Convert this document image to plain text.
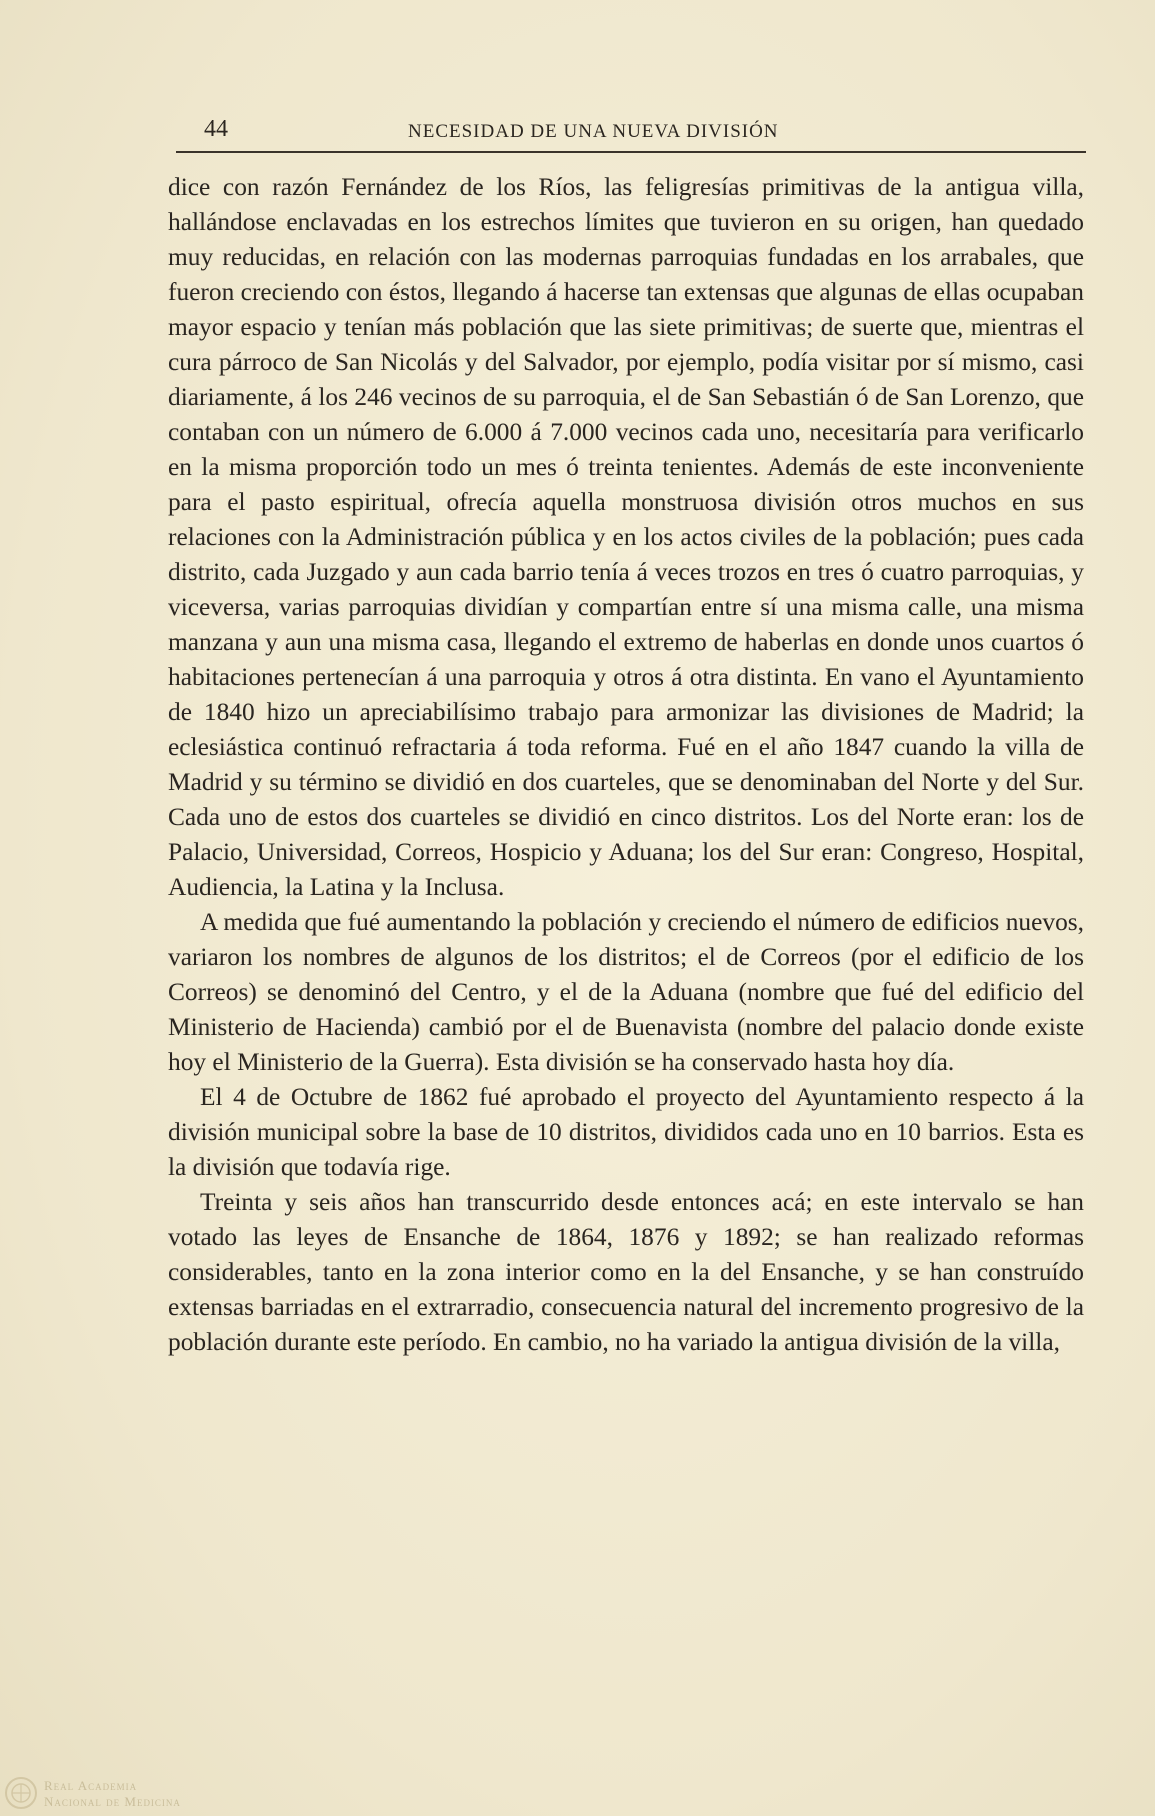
44	NECESIDAD DE UNA NUEVA DIVISIÓN

dice con razón Fernández de los Ríos, las feligresías primitivas de la antigua villa, hallándose enclavadas en los estrechos límites que tuvieron en su origen, han quedado muy reducidas, en relación con las modernas parroquias fundadas en los arrabales, que fueron creciendo con éstos, llegando á hacerse tan extensas que algunas de ellas ocupaban mayor espacio y tenían más población que las siete primitivas; de suerte que, mientras el cura párroco de San Nicolás y del Salvador, por ejemplo, podía visitar por sí mismo, casi diariamente, á los 246 vecinos de su parroquia, el de San Sebastián ó de San Lorenzo, que contaban con un número de 6.000 á 7.000 vecinos cada uno, necesitaría para verificarlo en la misma proporción todo un mes ó treinta tenientes. Además de este inconveniente para el pasto espiritual, ofrecía aquella monstruosa división otros muchos en sus relaciones con la Administración pública y en los actos civiles de la población; pues cada distrito, cada Juzgado y aun cada barrio tenía á veces trozos en tres ó cuatro parroquias, y viceversa, varias parroquias dividían y compartían entre sí una misma calle, una misma manzana y aun una misma casa, llegando el extremo de haberlas en donde unos cuartos ó habitaciones pertenecían á una parroquia y otros á otra distinta. En vano el Ayuntamiento de 1840 hizo un apreciabilísimo trabajo para armonizar las divisiones de Madrid; la eclesiástica continuó refractaria á toda reforma. Fué en el año 1847 cuando la villa de Madrid y su término se dividió en dos cuarteles, que se denominaban del Norte y del Sur. Cada uno de estos dos cuarteles se dividió en cinco distritos. Los del Norte eran: los de Palacio, Universidad, Correos, Hospicio y Aduana; los del Sur eran: Congreso, Hospital, Audiencia, la Latina y la Inclusa.

A medida que fué aumentando la población y creciendo el número de edificios nuevos, variaron los nombres de algunos de los distritos; el de Correos (por el edificio de los Correos) se denominó del Centro, y el de la Aduana (nombre que fué del edificio del Ministerio de Hacienda) cambió por el de Buenavista (nombre del palacio donde existe hoy el Ministerio de la Guerra). Esta división se ha conservado hasta hoy día.

El 4 de Octubre de 1862 fué aprobado el proyecto del Ayuntamiento respecto á la división municipal sobre la base de 10 distritos, divididos cada uno en 10 barrios. Esta es la división que todavía rige.

Treinta y seis años han transcurrido desde entonces acá; en este intervalo se han votado las leyes de Ensanche de 1864, 1876 y 1892; se han realizado reformas considerables, tanto en la zona interior como en la del Ensanche, y se han construído extensas barriadas en el extrarradio, consecuencia natural del incremento progresivo de la población durante este período. En cambio, no ha variado la antigua división de la villa,

Real Academia
Nacional de Medicina
